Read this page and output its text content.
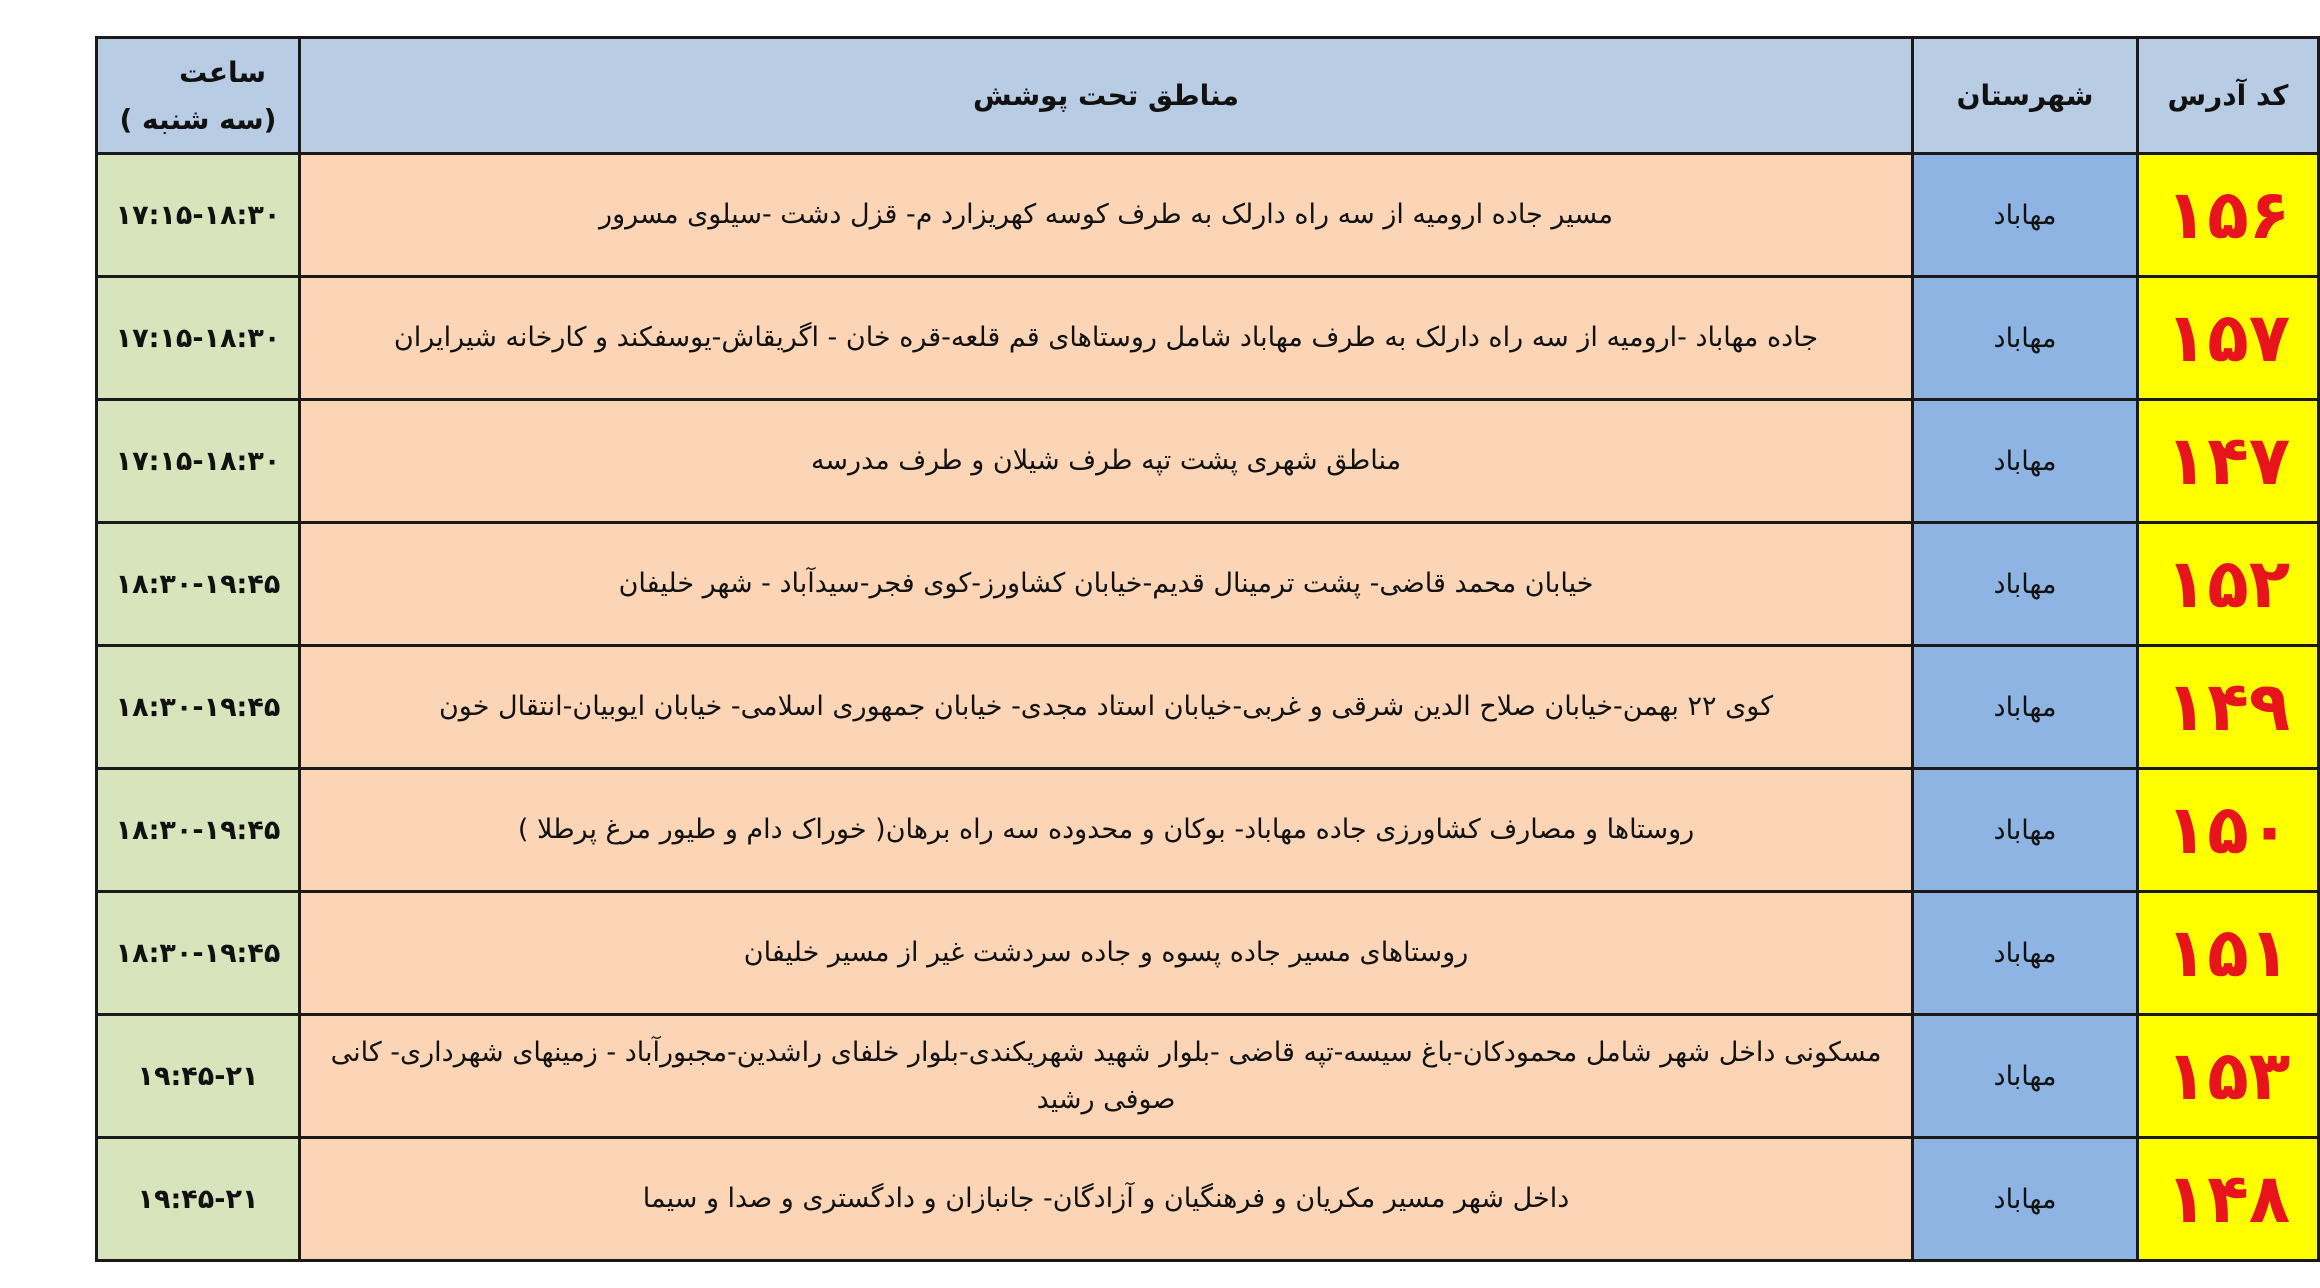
ساعت
(سه شنبه )	مناطق تحت پوشش	شهرستان	کد آدرس
۱۷:۱۵-۱۸:۳۰	مسیر جاده ارومیه از سه راه دارلک به طرف کوسه کهریزارد م- قزل دشت -سیلوی مسرور	مهاباد	۱۵۶
۱۷:۱۵-۱۸:۳۰	جاده مهاباد -ارومیه از سه راه دارلک به طرف مهاباد شامل روستاهای قم قلعه-قره خان - اگریقاش-یوسفکند و کارخانه شیرایران	مهاباد	۱۵۷
۱۷:۱۵-۱۸:۳۰	مناطق شهری پشت تپه طرف شیلان و طرف مدرسه	مهاباد	۱۴۷
۱۸:۳۰-۱۹:۴۵	خیابان محمد قاضی- پشت ترمینال قدیم-خیابان کشاورز-کوی فجر-سیدآباد - شهر خلیفان	مهاباد	۱۵۲
۱۸:۳۰-۱۹:۴۵	کوی ۲۲ بهمن-خیابان صلاح الدین شرقی و غربی-خیابان استاد مجدی- خیابان جمهوری اسلامی- خیابان ایوبیان-انتقال خون	مهاباد	۱۴۹
۱۸:۳۰-۱۹:۴۵	روستاها و مصارف کشاورزی جاده مهاباد- بوکان و محدوده سه راه برهان( خوراک دام و طیور مرغ پرطلا )	مهاباد	۱۵۰
۱۸:۳۰-۱۹:۴۵	روستاهای مسیر جاده پسوه و جاده سردشت غیر از مسیر خلیفان	مهاباد	۱۵۱
۱۹:۴۵-۲۱	مسکونی داخل شهر شامل محمودکان-باغ سیسه-تپه قاضی -بلوار شهید شهریکندی-بلوار خلفای راشدین-مجبورآباد - زمینهای شهرداری- کانی صوفی رشید	مهاباد	۱۵۳
۱۹:۴۵-۲۱	داخل شهر مسیر مکریان و فرهنگیان و آزادگان- جانبازان و دادگستری و صدا و سیما	مهاباد	۱۴۸
